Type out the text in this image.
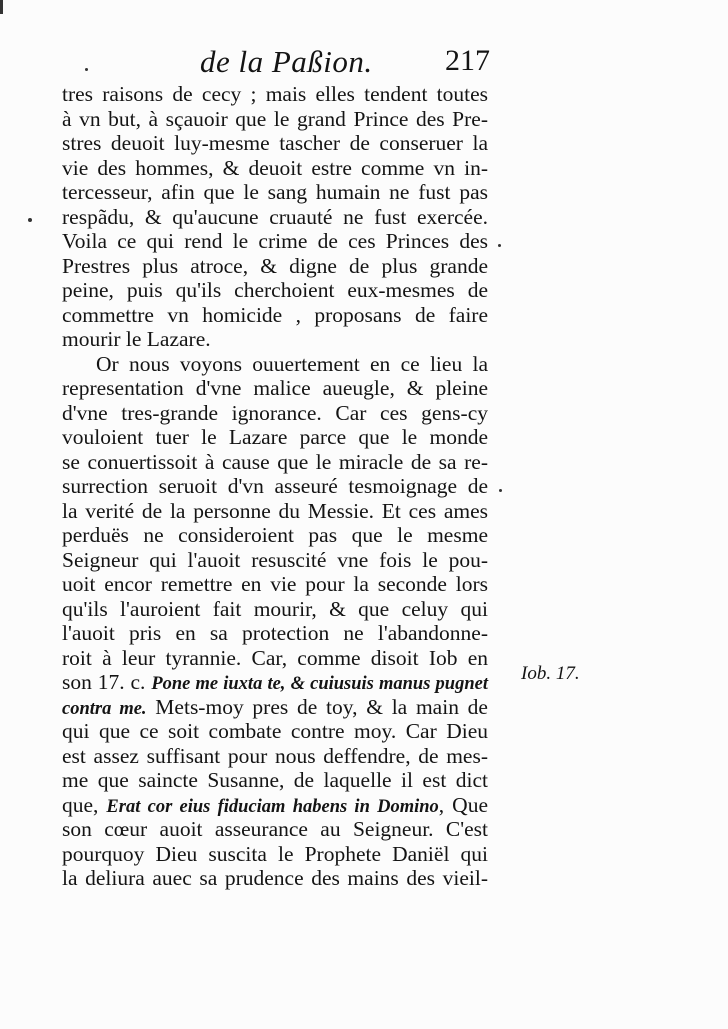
de la Paßion. 217
tres raisons de cecy ; mais elles tendent toutes
à vn but, à sçauoir que le grand Prince des Pre-
stres deuoit luy-mesme tascher de conseruer la
vie des hommes, & deuoit estre comme vn in-
tercesseur, afin que le sang humain ne fust pas
respãdu, & qu'aucune cruauté ne fust exercée.
Voila ce qui rend le crime de ces Princes des
Prestres plus atroce, & digne de plus grande
peine, puis qu'ils cherchoient eux-mesmes de
commettre vn homicide , proposans de faire
mourir le Lazare.
Or nous voyons ouuertement en ce lieu la
representation d'vne malice aueugle, & pleine
d'vne tres-grande ignorance. Car ces gens-cy
vouloient tuer le Lazare parce que le monde
se conuertissoit à cause que le miracle de sa re-
surrection seruoit d'vn asseuré tesmoignage de
la verité de la personne du Messie. Et ces ames
perduës ne consideroient pas que le mesme
Seigneur qui l'auoit resuscité vne fois le pou-
uoit encor remettre en vie pour la seconde lors
qu'ils l'auroient fait mourir, & que celuy qui
l'auoit pris en sa protection ne l'abandonne-
roit à leur tyrannie. Car, comme disoit Iob en
son 17. c. Pone me iuxta te, & cuiusuis manus pugnet
contra me. Mets-moy pres de toy, & la main de
qui que ce soit combate contre moy. Car Dieu
est assez suffisant pour nous deffendre, de mes-
me que saincte Susanne, de laquelle il est dict
que, Erat cor eius fiduciam habens in Domino, Que
son cœur auoit asseurance au Seigneur. C'est
pourquoy Dieu suscita le Prophete Daniël qui
la deliura auec sa prudence des mains des vieil-
Iob. 17.
